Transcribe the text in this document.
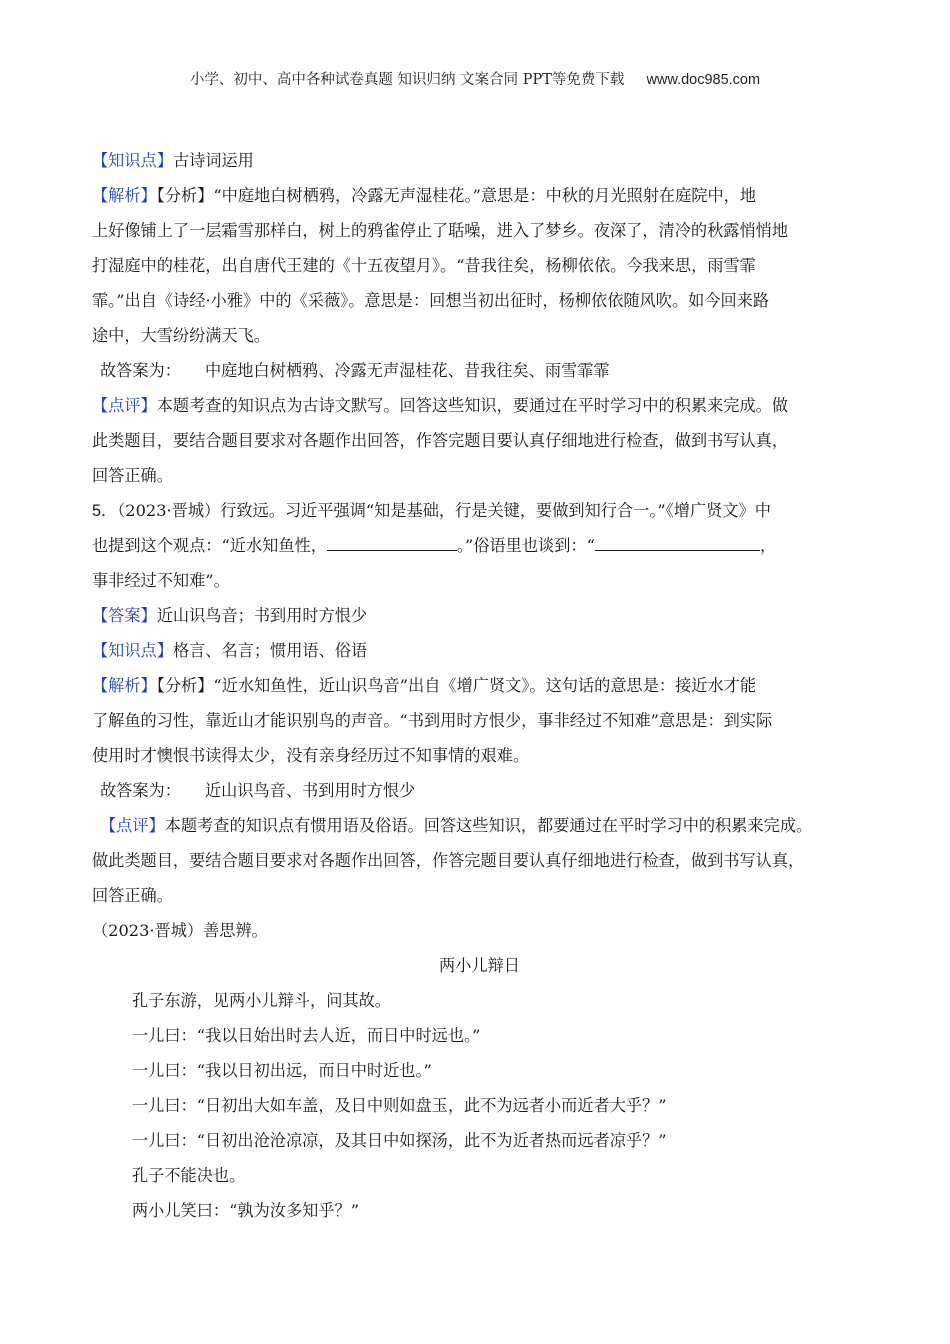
小学、初中、高中各种试卷真题 知识归纳 文案合同 PPT等免费下载 www.doc985.com
【知识点】古诗词运用
【解析】【分析】“中庭地白树栖鸦，冷露无声湿桂花。”意思是：中秋的月光照射在庭院中，地
上好像铺上了一层霜雪那样白，树上的鸦雀停止了聒噪，进入了梦乡。夜深了，清冷的秋露悄悄地
打湿庭中的桂花，出自唐代王建的《十五夜望月》。“昔我往矣，杨柳依依。今我来思，雨雪霏
霏。”出自《诗经·小雅》中的《采薇》。意思是：回想当初出征时，杨柳依依随风吹。如今回来路
途中，大雪纷纷满天飞。
故答案为： 中庭地白树栖鸦、冷露无声湿桂花、昔我往矣、雨雪霏霏
【点评】本题考查的知识点为古诗文默写。回答这些知识，要通过在平时学习中的积累来完成。做
此类题目，要结合题目要求对各题作出回答，作答完题目要认真仔细地进行检查，做到书写认真，
回答正确。
5．（2023·晋城）行致远。习近平强调“知是基础，行是关键，要做到知行合一。”《增广贤文》中
也提到这个观点：“近水知鱼性，	。”俗语里也谈到：“	，
事非经过不知难”。
【答案】近山识鸟音；书到用时方恨少
【知识点】格言、名言；惯用语、俗语
【解析】【分析】“近水知鱼性，近山识鸟音”出自《增广贤文》。这句话的意思是：接近水才能
了解鱼的习性，靠近山才能识别鸟的声音。“书到用时方恨少，事非经过不知难”意思是：到实际
使用时才懊恨书读得太少，没有亲身经历过不知事情的艰难。
故答案为： 近山识鸟音、书到用时方恨少
【点评】本题考查的知识点有惯用语及俗语。回答这些知识，都要通过在平时学习中的积累来完成。
做此类题目，要结合题目要求对各题作出回答，作答完题目要认真仔细地进行检查，做到书写认真，
回答正确。
（2023·晋城）善思辨。
两小儿辩日
孔子东游，见两小儿辩斗，问其故。
一儿曰：“我以日始出时去人近，而日中时远也。”
一儿曰：“我以日初出远，而日中时近也。”
一儿曰：“日初出大如车盖，及日中则如盘玉，此不为远者小而近者大乎？”
一儿曰：“日初出沧沧凉凉，及其日中如探汤，此不为近者热而远者凉乎？”
孔子不能决也。
两小儿笑曰：“孰为汝多知乎？”
